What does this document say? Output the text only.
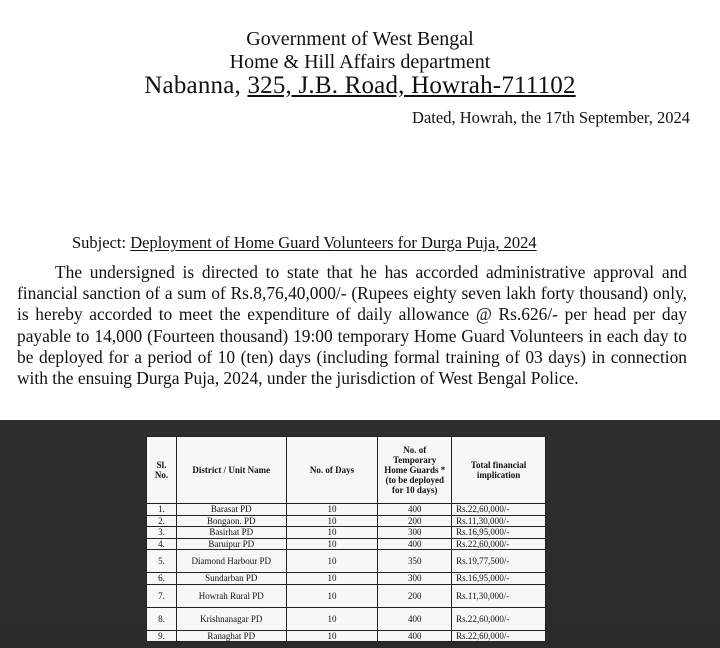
Government of West Bengal
Home & Hill Affairs department
Nabanna, 325, J.B. Road, Howrah-711102
Dated, Howrah, the 17th September, 2024
Subject: Deployment of Home Guard Volunteers for Durga Puja, 2024
The undersigned is directed to state that he has accorded administrative approval and financial sanction of a sum of Rs.8,76,40,000/- (Rupees eighty seven lakh forty thousand) only, is hereby accorded to meet the expenditure of daily allowance @ Rs.626/- per head per day payable to 14,000 (Fourteen thousand) 19:00 temporary Home Guard Volunteers in each day to be deployed for a period of 10 (ten) days (including formal training of 03 days) in connection with the ensuing Durga Puja, 2024, under the jurisdiction of West Bengal Police.
Sl. No.	District / Unit Name	No. of Days	No. of Temporary Home Guards * (to be deployed for 10 days)	Total financial implication
1.	Barasat PD	10	400	Rs.22,60,000/-
2.	Bongaon. PD	10	200	Rs.11,30,000/-
3.	Basirhat PD	10	300	Rs.16,95,000/-
4.	Baruipur PD	10	400	Rs.22,60,000/-
5.	Diamond Harbour PD	10	350	Rs.19,77,500/-
6.	Sundarban PD	10	300	Rs.16,95,000/-
7.	Howrah Rural PD	10	200	Rs.11,30,000/-
8.	Krishnanagar PD	10	400	Rs.22,60,000/-
9.	Ranaghat PD	10	400	Rs.22,60,000/-
